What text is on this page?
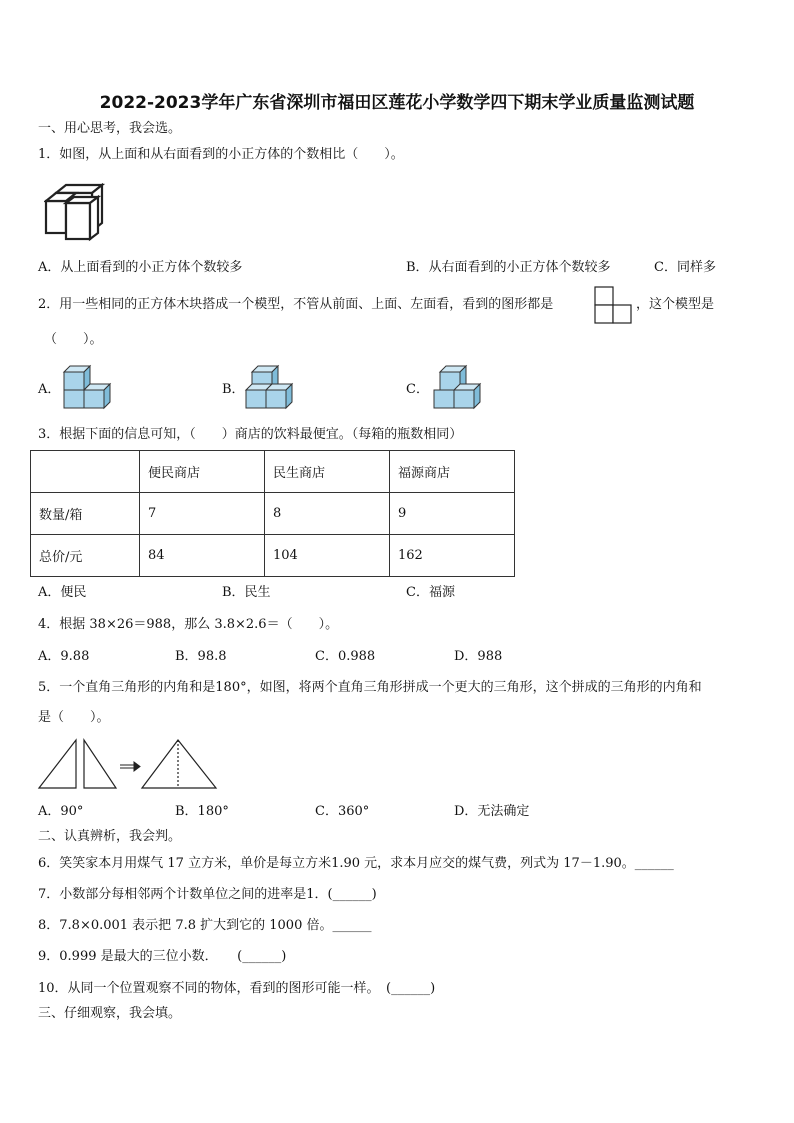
2022-2023学年广东省深圳市福田区莲花小学数学四下期末学业质量监测试题
一、用心思考，我会选。
1．如图，从上面和从右面看到的小正方体的个数相比（　　）。
A．从上面看到的小正方体个数较多	B．从右面看到的小正方体个数较多	C．同样多
2．用一些相同的正方体木块搭成一个模型，不管从前面、上面、左面看，看到的图形都是	，这个模型是
（　　）。
A．	B．	C．
3．根据下面的信息可知，（　　）商店的饮料最便宜。（每箱的瓶数相同）
	便民商店	民生商店	福源商店
数量/箱	7	8	9
总价/元	84	104	162
A．便民	B．民生	C．福源
4．根据 38×26＝988，那么 3.8×2.6＝（　　）。
A．9.88	B．98.8	C．0.988	D．988
5．一个直角三角形的内角和是180°，如图，将两个直角三角形拼成一个更大的三角形，这个拼成的三角形的内角和
是（　　）。
A．90°	B．180°	C．360°	D．无法确定
二、认真辨析，我会判。
6．笑笑家本月用煤气 17 立方米，单价是每立方米1.90 元，求本月应交的煤气费，列式为 17－1.90。______
7．小数部分每相邻两个计数单位之间的进率是1．(______)
8．7.8×0.001 表示把 7.8 扩大到它的 1000 倍。______
9．0.999 是最大的三位小数．　　(______)
10．从同一个位置观察不同的物体，看到的图形可能一样。　(______)
三、仔细观察，我会填。
